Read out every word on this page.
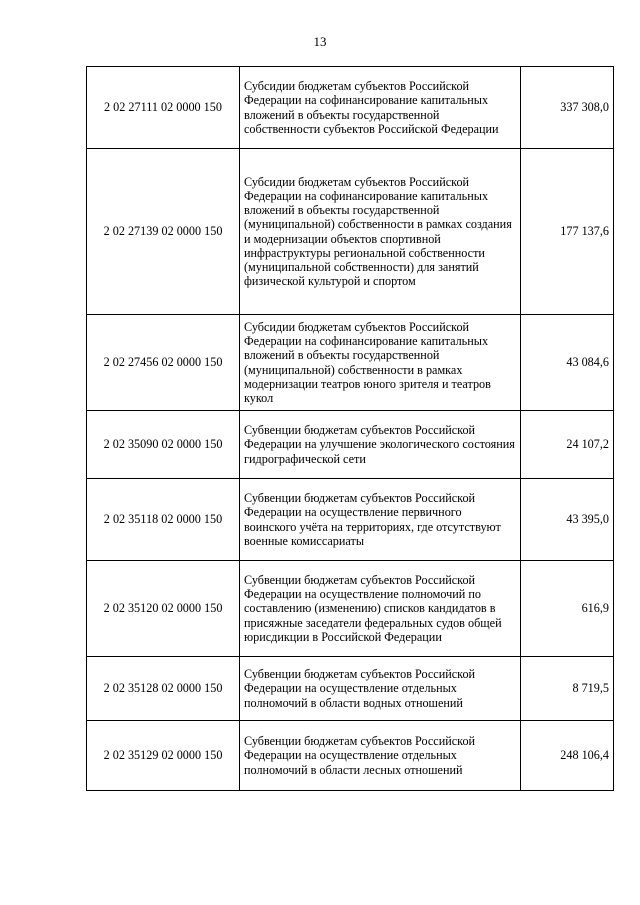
13
2 02 27111 02 0000 150	Субсидии бюджетам субъектов Российской Федерации на софинансирование капитальных вложений в объекты государственной собственности субъектов Российской Федерации	337 308,0
2 02 27139 02 0000 150	Субсидии бюджетам субъектов Российской Федерации на софинансирование капитальных вложений в объекты государственной (муниципальной) собственности в рамках создания и модернизации объектов спортивной инфраструктуры региональной собственности (муниципальной собственности) для занятий физической культурой и спортом	177 137,6
2 02 27456 02 0000 150	Субсидии бюджетам субъектов Российской Федерации на софинансирование капитальных вложений в объекты государственной (муниципальной) собственности в рамках модернизации театров юного зрителя и театров кукол	43 084,6
2 02 35090 02 0000 150	Субвенции бюджетам субъектов Российской Федерации на улучшение экологического состояния гидрографической сети	24 107,2
2 02 35118 02 0000 150	Субвенции бюджетам субъектов Российской Федерации на осуществление первичного воинского учёта на территориях, где отсутствуют военные комиссариаты	43 395,0
2 02 35120 02 0000 150	Субвенции бюджетам субъектов Российской Федерации на осуществление полномочий по составлению (изменению) списков кандидатов в присяжные заседатели федеральных судов общей юрисдикции в Российской Федерации	616,9
2 02 35128 02 0000 150	Субвенции бюджетам субъектов Российской Федерации на осуществление отдельных полномочий в области водных отношений	8 719,5
2 02 35129 02 0000 150	Субвенции бюджетам субъектов Российской Федерации на осуществление отдельных полномочий в области лесных отношений	248 106,4
